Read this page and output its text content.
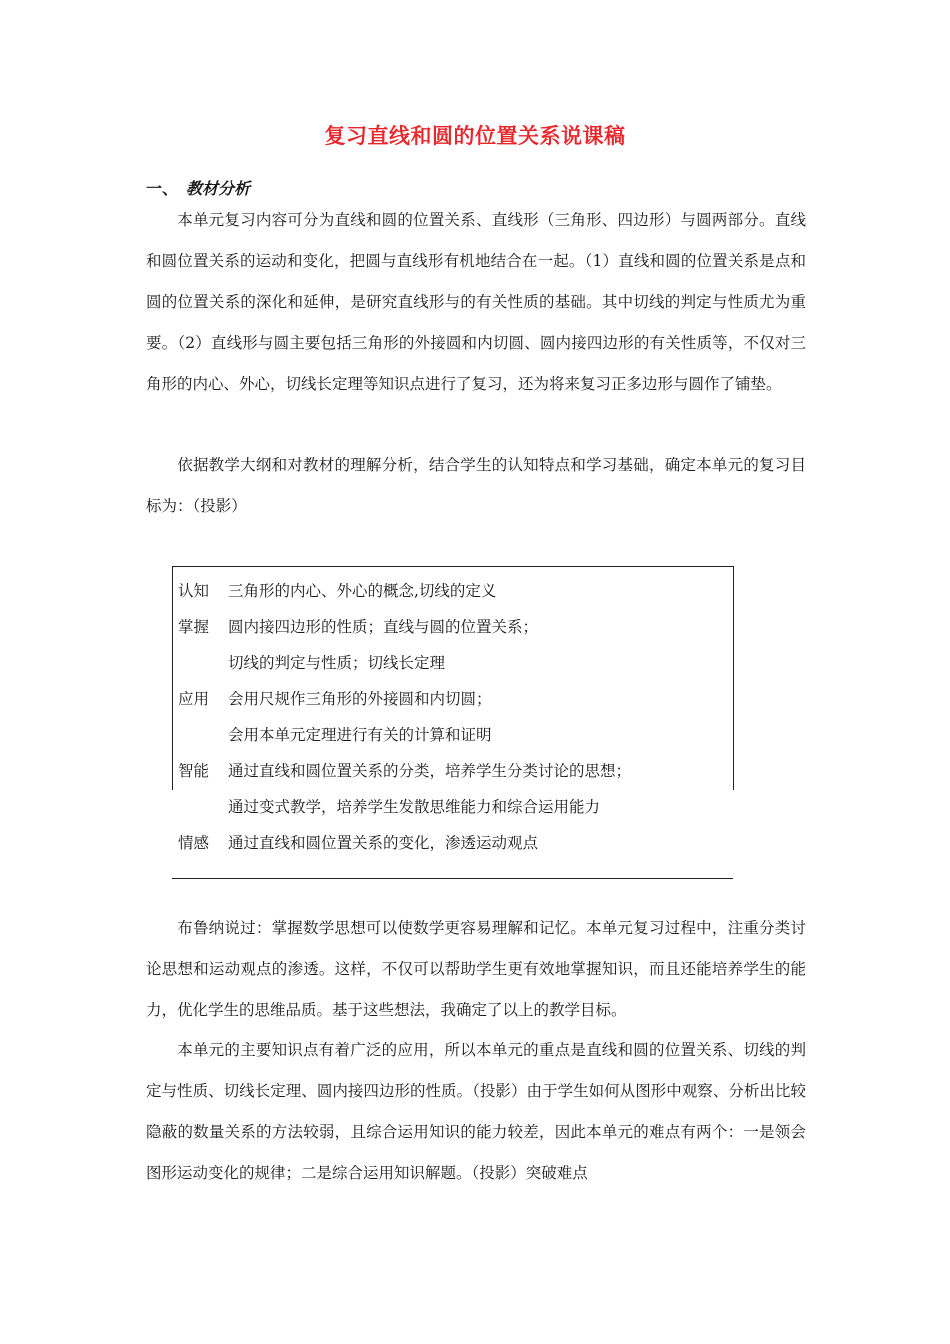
复习直线和圆的位置关系说课稿
一、 教材分析

本单元复习内容可分为直线和圆的位置关系、直线形（三角形、四边形）与圆两部分。直线和圆位置关系的运动和变化，把圆与直线形有机地结合在一起。（1）直线和圆的位置关系是点和圆的位置关系的深化和延伸，是研究直线形与的有关性质的基础。其中切线的判定与性质尤为重要。（2）直线形与圆主要包括三角形的外接圆和内切圆、圆内接四边形的有关性质等，不仅对三角形的内心、外心，切线长定理等知识点进行了复习，还为将来复习正多边形与圆作了铺垫。

依据教学大纲和对教材的理解分析，结合学生的认知特点和学习基础，确定本单元的复习目标为：（投影）

认知 三角形的内心、外心的概念,切线的定义
掌握 圆内接四边形的性质；直线与圆的位置关系；
切线的判定与性质；切线长定理
应用 会用尺规作三角形的外接圆和内切圆；
会用本单元定理进行有关的计算和证明
智能 通过直线和圆位置关系的分类，培养学生分类讨论的思想；
通过变式教学，培养学生发散思维能力和综合运用能力
情感 通过直线和圆位置关系的变化，渗透运动观点

布鲁纳说过：掌握数学思想可以使数学更容易理解和记忆。本单元复习过程中，注重分类讨论思想和运动观点的渗透。这样，不仅可以帮助学生更有效地掌握知识，而且还能培养学生的能力，优化学生的思维品质。基于这些想法，我确定了以上的教学目标。

本单元的主要知识点有着广泛的应用，所以本单元的重点是直线和圆的位置关系、切线的判定与性质、切线长定理、圆内接四边形的性质。（投影）由于学生如何从图形中观察、分析出比较隐蔽的数量关系的方法较弱，且综合运用知识的能力较差，因此本单元的难点有两个：一是领会图形运动变化的规律；二是综合运用知识解题。（投影）突破难点
